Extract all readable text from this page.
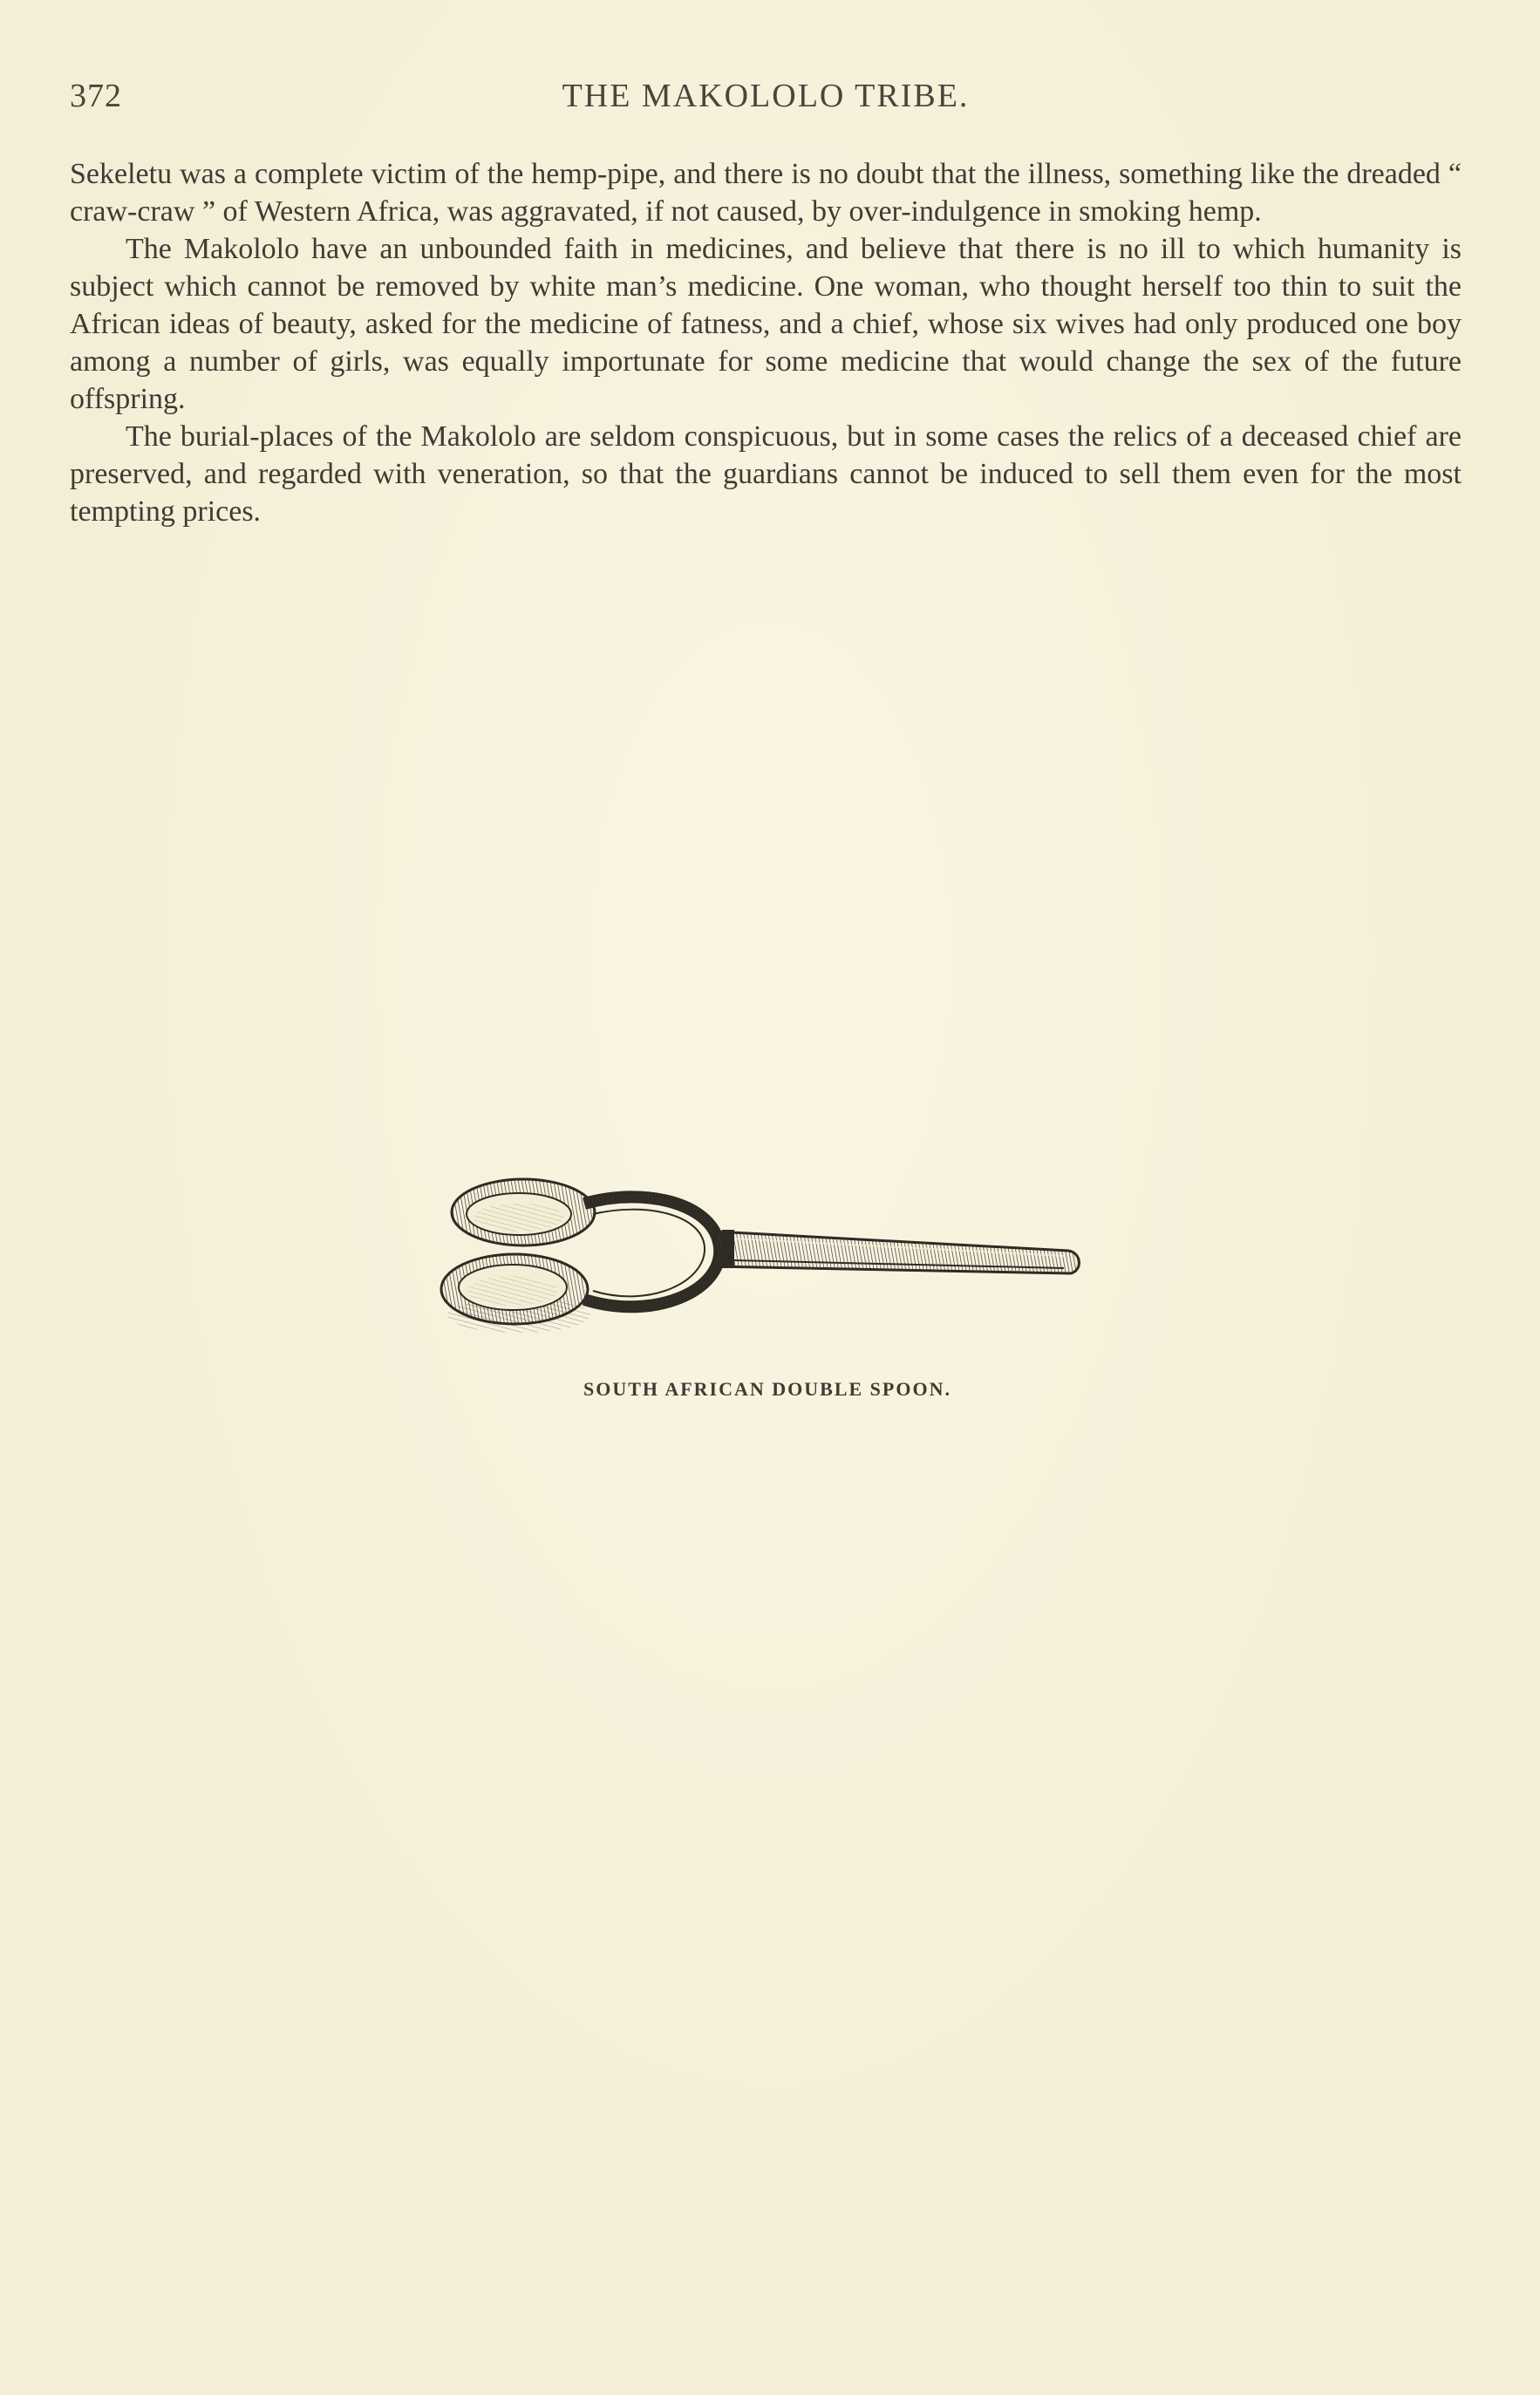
372	THE MAKOLOLO TRIBE.

Sekeletu was a complete victim of the hemp-pipe, and there is no doubt that the illness, something like the dreaded “ craw-craw ” of Western Africa, was aggravated, if not caused, by over-indulgence in smoking hemp.

The Makololo have an unbounded faith in medicines, and believe that there is no ill to which humanity is subject which cannot be removed by white man’s medicine. One woman, who thought herself too thin to suit the African ideas of beauty, asked for the medicine of fatness, and a chief, whose six wives had only produced one boy among a number of girls, was equally importunate for some medicine that would change the sex of the future offspring.

The burial-places of the Makololo are seldom conspicuous, but in some cases the relics of a deceased chief are preserved, and regarded with veneration, so that the guardians cannot be induced to sell them even for the most tempting prices.

SOUTH AFRICAN DOUBLE SPOON.
